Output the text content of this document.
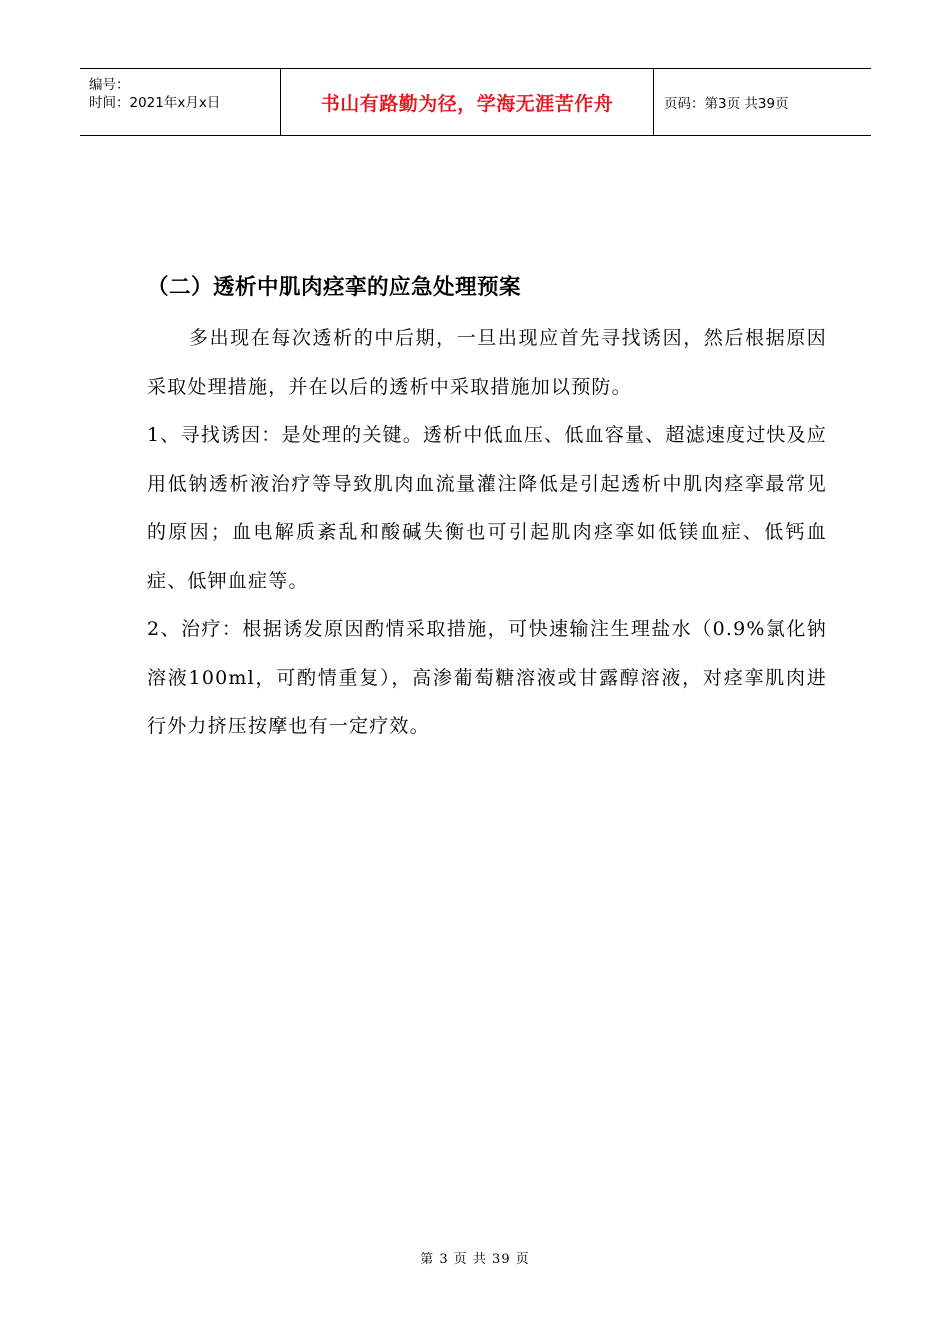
编号：
时间：2021年x月x日	书山有路勤为径，学海无涯苦作舟	页码：第3页 共39页
（二）透析中肌肉痉挛的应急处理预案

多出现在每次透析的中后期，一旦出现应首先寻找诱因，然后根据原因采取处理措施，并在以后的透析中采取措施加以预防。

1、寻找诱因：是处理的关键。透析中低血压、低血容量、超滤速度过快及应用低钠透析液治疗等导致肌肉血流量灌注降低是引起透析中肌肉痉挛最常见的原因；血电解质紊乱和酸碱失衡也可引起肌肉痉挛如低镁血症、低钙血症、低钾血症等。

2、治疗：根据诱发原因酌情采取措施，可快速输注生理盐水（0.9%氯化钠溶液100ml，可酌情重复），高渗葡萄糖溶液或甘露醇溶液，对痉挛肌肉进行外力挤压按摩也有一定疗效。

第 3 页 共 39 页
